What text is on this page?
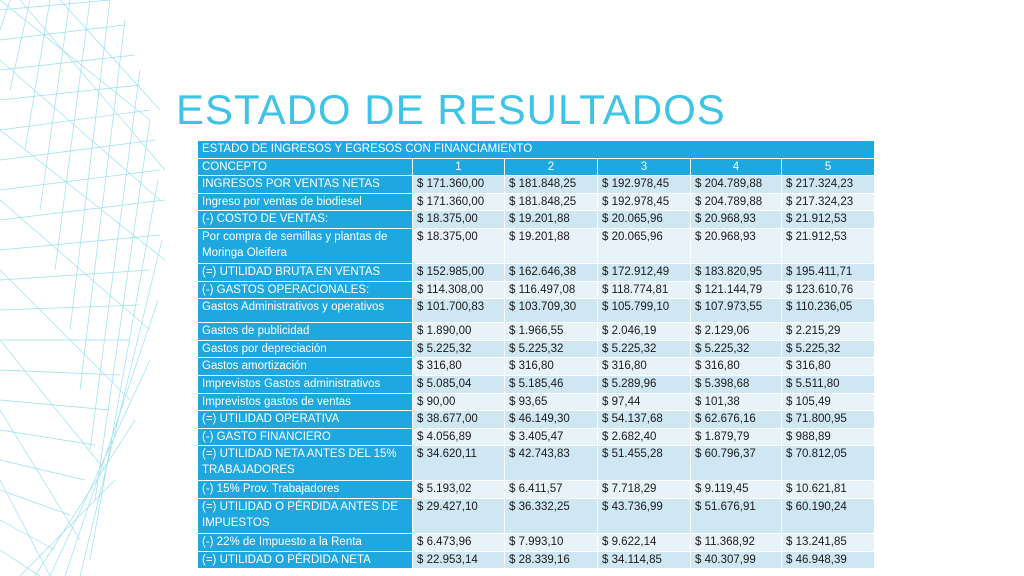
ESTADO DE RESULTADOS
ESTADO DE INGRESOS Y EGRESOS CON FINANCIAMIENTO					
CONCEPTO	1	2	3	4	5
INGRESOS POR VENTAS NETAS	$ 171.360,00	$ 181.848,25	$ 192.978,45	$ 204.789,88	$ 217.324,23
Ingreso por ventas de biodiesel	$ 171.360,00	$ 181.848,25	$ 192.978,45	$ 204.789,88	$ 217.324,23
(-) COSTO DE VENTAS:	$ 18.375,00	$ 19.201,88	$ 20.065,96	$ 20.968,93	$ 21.912,53
Por compra de semillas y plantas de Moringa Oleifera	$ 18.375,00	$ 19.201,88	$ 20.065,96	$ 20.968,93	$ 21.912,53
(=) UTILIDAD BRUTA EN VENTAS	$ 152.985,00	$ 162.646,38	$ 172.912,49	$ 183.820,95	$ 195.411,71
(-) GASTOS OPERACIONALES:	$ 114.308,00	$ 116.497,08	$ 118.774,81	$ 121.144,79	$ 123.610,76
Gastos Administrativos y operativos	$ 101.700,83	$ 103.709,30	$ 105.799,10	$ 107.973,55	$ 110.236,05
Gastos de publicidad	$ 1.890,00	$ 1.966,55	$ 2.046,19	$ 2.129,06	$ 2.215,29
Gastos por depreciación	$ 5.225,32	$ 5.225,32	$ 5.225,32	$ 5.225,32	$ 5.225,32
Gastos amortización	$ 316,80	$ 316,80	$ 316,80	$ 316,80	$ 316,80
Imprevistos Gastos administrativos	$ 5.085,04	$ 5.185,46	$ 5.289,96	$ 5.398,68	$ 5.511,80
Imprevistos gastos de ventas	$ 90,00	$ 93,65	$ 97,44	$ 101,38	$ 105,49
(=) UTILIDAD OPERATIVA	$ 38.677,00	$ 46.149,30	$ 54.137,68	$ 62.676,16	$ 71.800,95
(-) GASTO FINANCIERO	$ 4.056,89	$ 3.405,47	$ 2.682,40	$ 1.879,79	$ 988,89
(=) UTILIDAD NETA ANTES DEL 15% TRABAJADORES	$ 34.620,11	$ 42.743,83	$ 51.455,28	$ 60.796,37	$ 70.812,05
(-) 15% Prov. Trabajadores	$ 5.193,02	$ 6.411,57	$ 7.718,29	$ 9.119,45	$ 10.621,81
(=) UTILIDAD O PÉRDIDA ANTES DE IMPUESTOS	$ 29.427,10	$ 36.332,25	$ 43.736,99	$ 51.676,91	$ 60.190,24
(-) 22% de Impuesto a la Renta	$ 6.473,96	$ 7.993,10	$ 9.622,14	$ 11.368,92	$ 13.241,85
(=) UTILIDAD O PÉRDIDA NETA	$ 22.953,14	$ 28.339,16	$ 34.114,85	$ 40.307,99	$ 46.948,39
